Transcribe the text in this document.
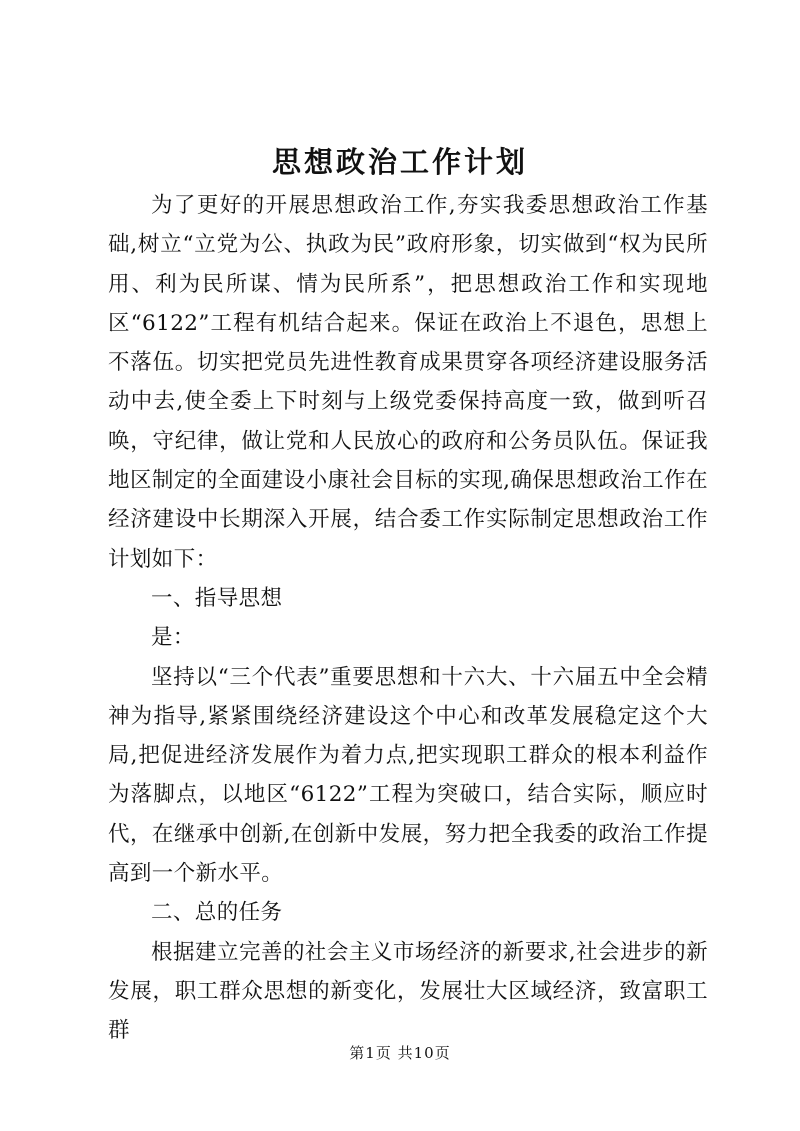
思想政治工作计划

为了更好的开展思想政治工作,夯实我委思想政治工作基础,树立“立党为公、执政为民”政府形象，切实做到“权为民所用、利为民所谋、情为民所系”，把思想政治工作和实现地区“6122”工程有机结合起来。保证在政治上不退色，思想上不落伍。切实把党员先进性教育成果贯穿各项经济建设服务活动中去,使全委上下时刻与上级党委保持高度一致，做到听召唤，守纪律，做让党和人民放心的政府和公务员队伍。保证我地区制定的全面建设小康社会目标的实现,确保思想政治工作在经济建设中长期深入开展，结合委工作实际制定思想政治工作计划如下：

一、指导思想

是：

坚持以“三个代表”重要思想和十六大、十六届五中全会精神为指导,紧紧围绕经济建设这个中心和改革发展稳定这个大局,把促进经济发展作为着力点,把实现职工群众的根本利益作为落脚点，以地区“6122”工程为突破口，结合实际，顺应时代，在继承中创新,在创新中发展，努力把全我委的政治工作提高到一个新水平。

二、总的任务

根据建立完善的社会主义市场经济的新要求,社会进步的新发展，职工群众思想的新变化，发展壮大区域经济，致富职工群

第1页 共10页
